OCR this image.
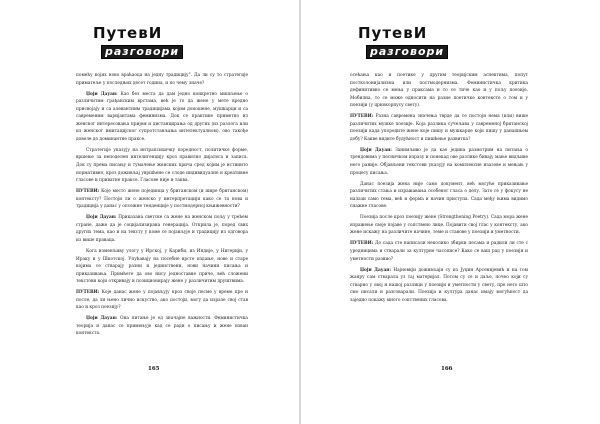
ПутевИ
разговори

помећу којих ново враћаоца на једну традицију". Да ли су то стратегије приматеље у последњих десет година, и по чему значе?

Џоји Дауан: Као без места да дам једно конкретно мишљење о различитим грађанским врстама, већ је то да жене у мете вредно присвојају и са алевантним традицијама којим доношене, мушкарци и са савременим варијантама феминизма. Док се практике приметно из женског интересовања пријем и дистанцирања од других (из разлога или из женског имитацијског супротстављања интелектуалном), ово такође довеле до доминантне праксе.

Стратегије указују на интрапсихичку поредност, политичке форме, вршење за неподелен интелигенцију кроз правилно дијалога и записа. Док су према писању и тумачење женских прича сред којим је истинито нормативно, кроз доживљај увршћене се слоде индивидуалне и креативне гласове и приватне праксе. Гласове није и таква.

ПУТЕВИ: Које место жене појединца у британском (и шире британском) контексту? Постоји ли о женско у интерпретацији како се та нова и традиција у данас у опсежне тенденције у постмодерној књижевности?

Џоји Дауан: Приказана светске са жене на женском пољу у трећем стране, даже да је социјализирана генерација. Открила је, поред свих других тема, као и на тексту у коме се појављује и традицију из одговора из више праваца.

Кога изменљиву улогу у Ирској, у Кариби, из Индије, у Нигерији, у Ираку и у Шкотској. Упућавају на посебне врсте издање, нове и старе којима се стварају разни и јединствени, нови начини писања и приказивања. Примћете да ово нису једноставне приче, већ сложени текстови који откривају и позиционирају жене у различитим друштвима.

ПУТЕВИ: Које данас жене у појављују кроз своје песме у време пре и после, да ли њено лично искуство, ако постоји, могу да изразе свој став као и кроз поезију?

Џоји Дауан: Она питање је од значајне важности. Феминистичка теорија и данас се примењује кад се ради о писању и жене изван контекста.

165
ПутевИ
разговори

осећања као и поетике у другим теоријским аспектима, попут постколонијализма или постмодернизма. Феминистичка критика дефинитивно се мења у праксама и то се тиче као и у пољу поезије. Мобилна, то се може односити на разне поетичке контексте о том и у поезији (у црнокорпусу свету).

ПУТЕВИ: Разна савремена значења тврде да се постоји нема (или) више различитих мушке поезије. Која разлика сучељава у савременој британској поезији када упоредите жене које пишу и мушкарце који пишу у данашњем добу? Какве видите будућност и пишћење развитка?

Џоји Дауан: Занимљиво је да као једина размотрим на питања о трендовима у песничком изразу и понекад ове разлике бивају мање видљиве него раније. Објављени текстови указују на комплексне изазове и мењањ у процесу писања.

Данас поезија жена није само документ, већ могуће приказивање различитих стања и изражавања особеног гласа о делу. Зато се у фокусу не налази само тема, већ и форма и начин приступа. Сада међу њима видимо снажне гласове.

Поезија после кроз поезију жене (Strengthening Poetry). Сада мора жене изражење своје појаве у сопствено лице. Појавити свој глас у контексту, ако жене искажу на различите начине, теме и ставове у поезији и уметности.

ПУТЕВИ: До сада сте написали неколико збирки песама и радили ли сте с уредницима и стварали за културне часописе? Како се ваш рад у поезији и уметности развио?

Џоји Дауан: Најновији доживљаји су из Јуџин Арсенијевић и на том жанру сам стварала уз тај материјал. Потом су се и даље, почео који су стварно у овој и нашој разлици у поезији и уметности у свету, пре него што смо писали и разговарали. Поезија и култура данас имају могућност да заједно покажу много сопствених гласова.

166
